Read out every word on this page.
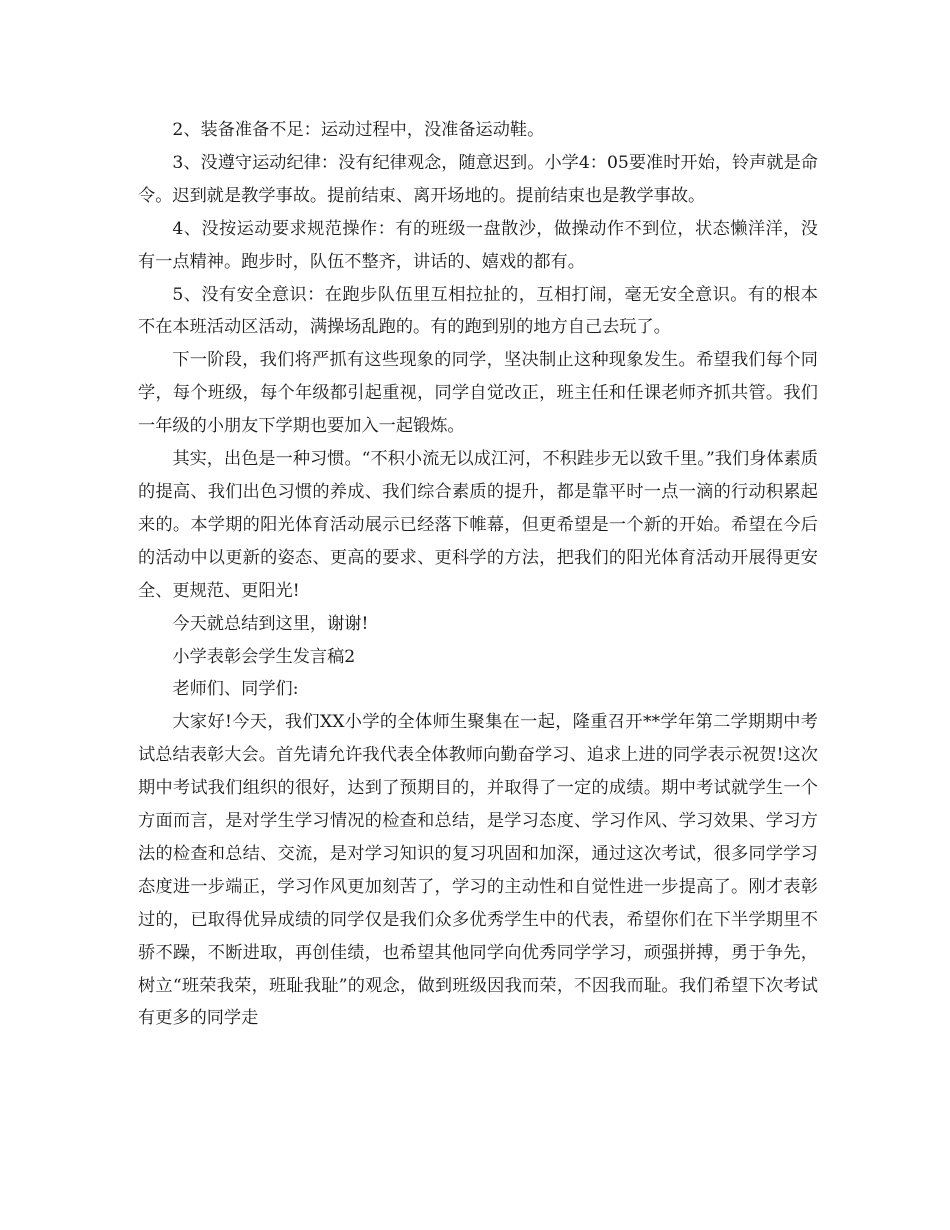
2、装备准备不足：运动过程中，没准备运动鞋。

3、没遵守运动纪律：没有纪律观念，随意迟到。小学4：05要准时开始，铃声就是命令。迟到就是教学事故。提前结束、离开场地的。提前结束也是教学事故。

4、没按运动要求规范操作：有的班级一盘散沙，做操动作不到位，状态懒洋洋，没有一点精神。跑步时，队伍不整齐，讲话的、嬉戏的都有。

5、没有安全意识：在跑步队伍里互相拉扯的，互相打闹，毫无安全意识。有的根本不在本班活动区活动，满操场乱跑的。有的跑到别的地方自己去玩了。

下一阶段，我们将严抓有这些现象的同学，坚决制止这种现象发生。希望我们每个同学，每个班级，每个年级都引起重视，同学自觉改正，班主任和任课老师齐抓共管。我们一年级的小朋友下学期也要加入一起锻炼。

其实，出色是一种习惯。“不积小流无以成江河，不积跬步无以致千里。”我们身体素质的提高、我们出色习惯的养成、我们综合素质的提升，都是靠平时一点一滴的行动积累起来的。本学期的阳光体育活动展示已经落下帷幕，但更希望是一个新的开始。希望在今后的活动中以更新的姿态、更高的要求、更科学的方法，把我们的阳光体育活动开展得更安全、更规范、更阳光!

今天就总结到这里，谢谢!

小学表彰会学生发言稿2

老师们、同学们:

大家好!今天，我们XX小学的全体师生聚集在一起，隆重召开**学年第二学期期中考试总结表彰大会。首先请允许我代表全体教师向勤奋学习、追求上进的同学表示祝贺!这次期中考试我们组织的很好，达到了预期目的，并取得了一定的成绩。期中考试就学生一个方面而言，是对学生学习情况的检查和总结，是学习态度、学习作风、学习效果、学习方法的检查和总结、交流，是对学习知识的复习巩固和加深，通过这次考试，很多同学学习态度进一步端正，学习作风更加刻苦了，学习的主动性和自觉性进一步提高了。刚才表彰过的，已取得优异成绩的同学仅是我们众多优秀学生中的代表，希望你们在下半学期里不骄不躁，不断进取，再创佳绩，也希望其他同学向优秀同学学习，顽强拼搏，勇于争先，树立“班荣我荣，班耻我耻”的观念，做到班级因我而荣，不因我而耻。我们希望下次考试有更多的同学走
